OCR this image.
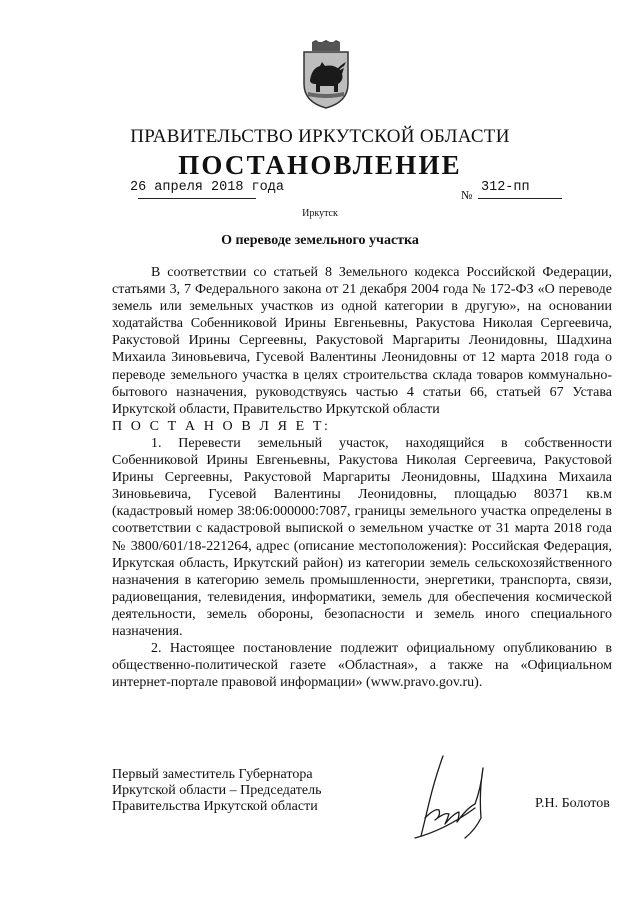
ПРАВИТЕЛЬСТВО ИРКУТСКОЙ ОБЛАСТИ
ПОСТАНОВЛЕНИЕ
26 апреля 2018 года	№ 312-пп
Иркутск
О переводе земельного участка

В соответствии со статьей 8 Земельного кодекса Российской Федерации, статьями 3, 7 Федерального закона от 21 декабря 2004 года № 172-ФЗ «О переводе земель или земельных участков из одной категории в другую», на основании ходатайства Собенниковой Ирины Евгеньевны, Ракустова Николая Сергеевича, Ракустовой Ирины Сергеевны, Ракустовой Маргариты Леонидовны, Шадхина Михаила Зиновьевича, Гусевой Валентины Леонидовны от 12 марта 2018 года о переводе земельного участка в целях строительства склада товаров коммунально-бытового назначения, руководствуясь частью 4 статьи 66, статьей 67 Устава Иркутской области, Правительство Иркутской области

П О С Т А Н О В Л Я Е Т:

1. Перевести земельный участок, находящийся в собственности Собенниковой Ирины Евгеньевны, Ракустова Николая Сергеевича, Ракустовой Ирины Сергеевны, Ракустовой Маргариты Леонидовны, Шадхина Михаила Зиновьевича, Гусевой Валентины Леонидовны, площадью 80371 кв.м (кадастровый номер 38:06:000000:7087, границы земельного участка определены в соответствии с кадастровой выпиской о земельном участке от 31 марта 2018 года № 3800/601/18-221264, адрес (описание местоположения): Российская Федерация, Иркутская область, Иркутский район) из категории земель сельскохозяйственного назначения в категорию земель промышленности, энергетики, транспорта, связи, радиовещания, телевидения, информатики, земель для обеспечения космической деятельности, земель обороны, безопасности и земель иного специального назначения.

2. Настоящее постановление подлежит официальному опубликованию в общественно-политической газете «Областная», а также на «Официальном интернет-портале правовой информации» (www.pravo.gov.ru).

Первый заместитель Губернатора
Иркутской области – Председатель
Правительства Иркутской области	Р.Н. Болотов
